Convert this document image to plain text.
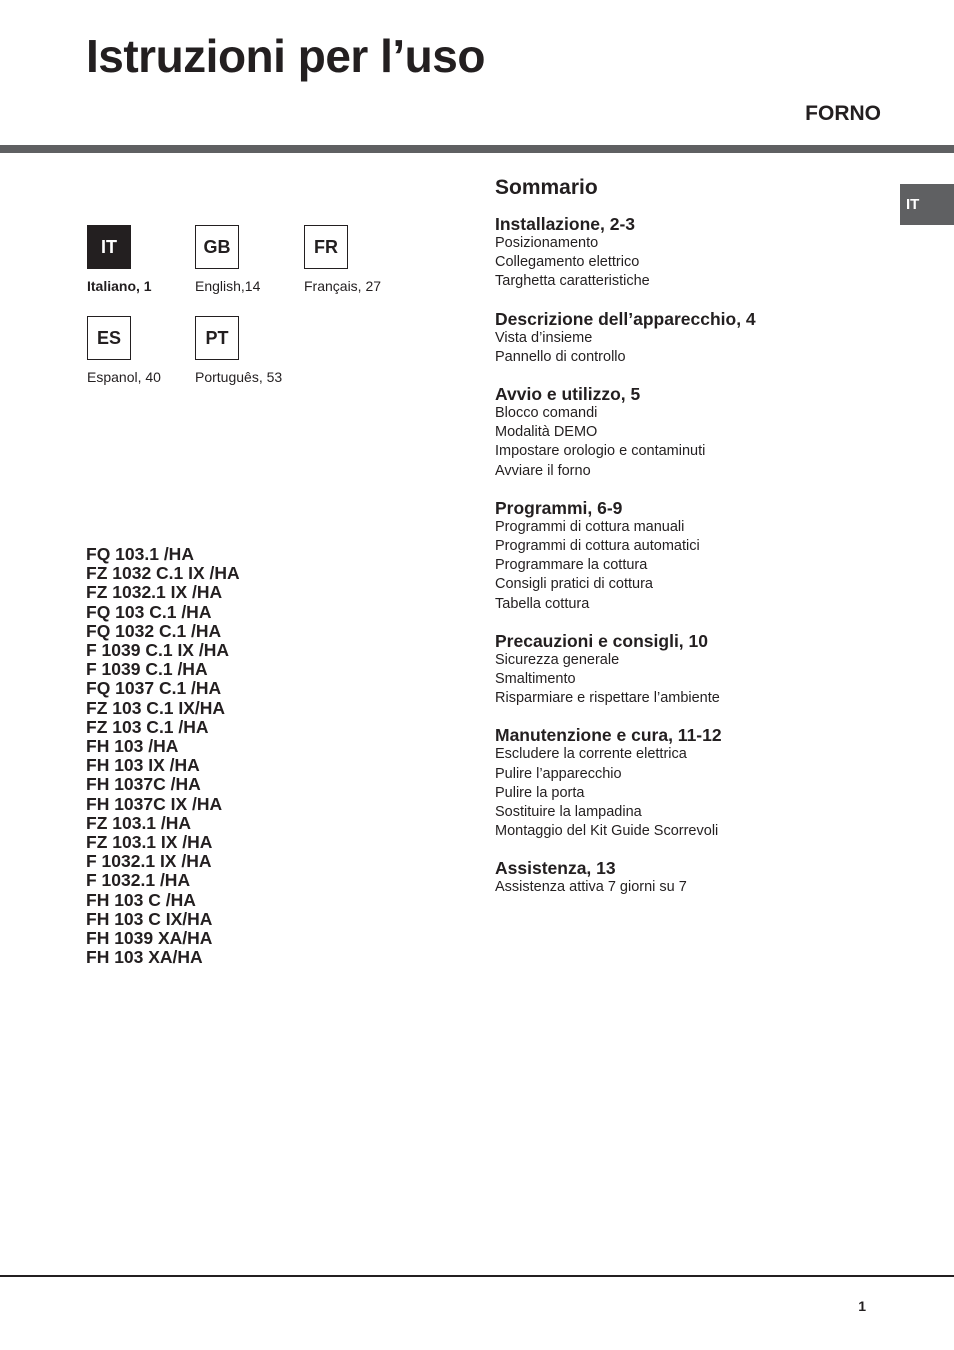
Istruzioni per l’uso
FORNO
IT
IT
Italiano, 1
GB
English,14
FR
Français, 27
ES
Espanol, 40
PT
Português, 53
FQ 103.1 /HA
FZ 1032 C.1 IX /HA
FZ 1032.1 IX /HA
FQ 103 C.1 /HA
FQ 1032 C.1 /HA
F 1039 C.1 IX /HA
F 1039 C.1 /HA
FQ 1037 C.1 /HA
FZ 103 C.1 IX/HA
FZ 103 C.1 /HA
FH 103 /HA
FH 103 IX /HA
FH 1037C /HA
FH 1037C IX /HA
FZ 103.1 /HA
FZ 103.1 IX /HA
F 1032.1 IX /HA
F 1032.1 /HA
FH 103 C /HA
FH 103 C IX/HA
FH 1039 XA/HA
FH 103 XA/HA
Sommario
Installazione, 2-3
Posizionamento
Collegamento elettrico
Targhetta caratteristiche
Descrizione dell’apparecchio, 4
Vista d’insieme
Pannello di controllo
Avvio e utilizzo, 5
Blocco comandi
Modalità DEMO
Impostare orologio e contaminuti
Avviare il forno
Programmi, 6-9
Programmi di cottura manuali
Programmi di cottura automatici
Programmare la cottura
Consigli pratici di cottura
Tabella cottura
Precauzioni e consigli, 10
Sicurezza generale
Smaltimento
Risparmiare e rispettare l’ambiente
Manutenzione e cura, 11-12
Escludere la corrente elettrica
Pulire l’apparecchio
Pulire la porta
Sostituire la lampadina
Montaggio del Kit Guide Scorrevoli
Assistenza, 13
Assistenza attiva 7 giorni su 7
1
